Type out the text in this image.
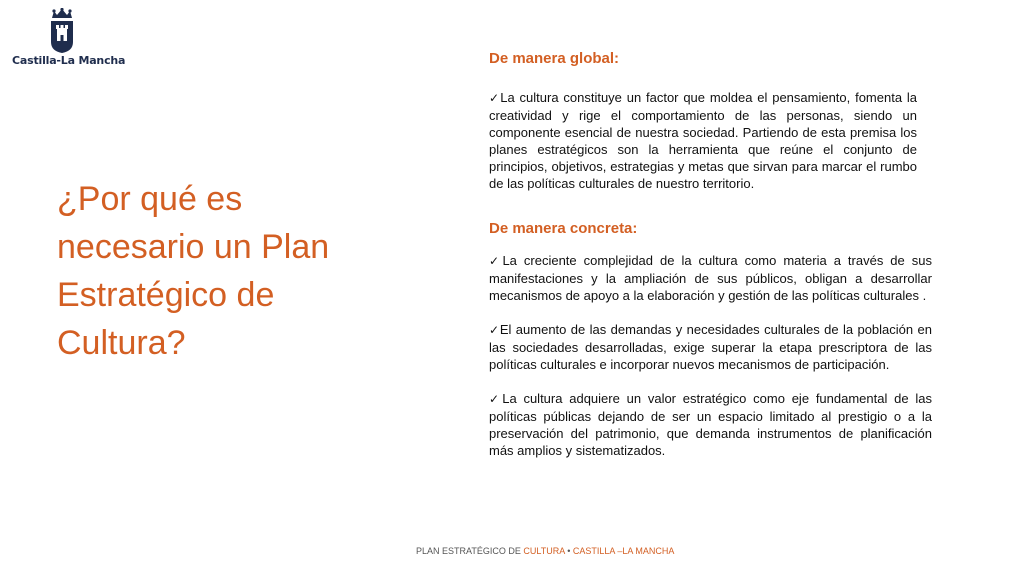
Castilla-La Mancha
¿Por qué es necesario un Plan Estratégico de Cultura?
De manera global:

✓La cultura constituye un factor que moldea el pensamiento, fomenta la creatividad y rige el comportamiento de las personas, siendo un componente esencial de nuestra sociedad. Partiendo de esta premisa los planes estratégicos son la herramienta que reúne el conjunto de principios, objetivos, estrategias y metas que sirvan para marcar el rumbo de las políticas culturales de nuestro territorio.

De manera concreta:

✓La creciente complejidad de la cultura como materia a través de sus manifestaciones y la ampliación de sus públicos, obligan a desarrollar mecanismos de apoyo a la elaboración y gestión de las políticas culturales .

✓El aumento de las demandas y necesidades culturales de la población en las sociedades desarrolladas, exige superar la etapa prescriptora de las políticas culturales e incorporar nuevos mecanismos de participación.

✓La cultura adquiere un valor estratégico como eje fundamental de las políticas públicas dejando de ser un espacio limitado al prestigio o a la preservación del patrimonio, que demanda instrumentos de planificación más amplios y sistematizados.

PLAN ESTRATÉGICO DE CULTURA • CASTILLA –LA MANCHA
